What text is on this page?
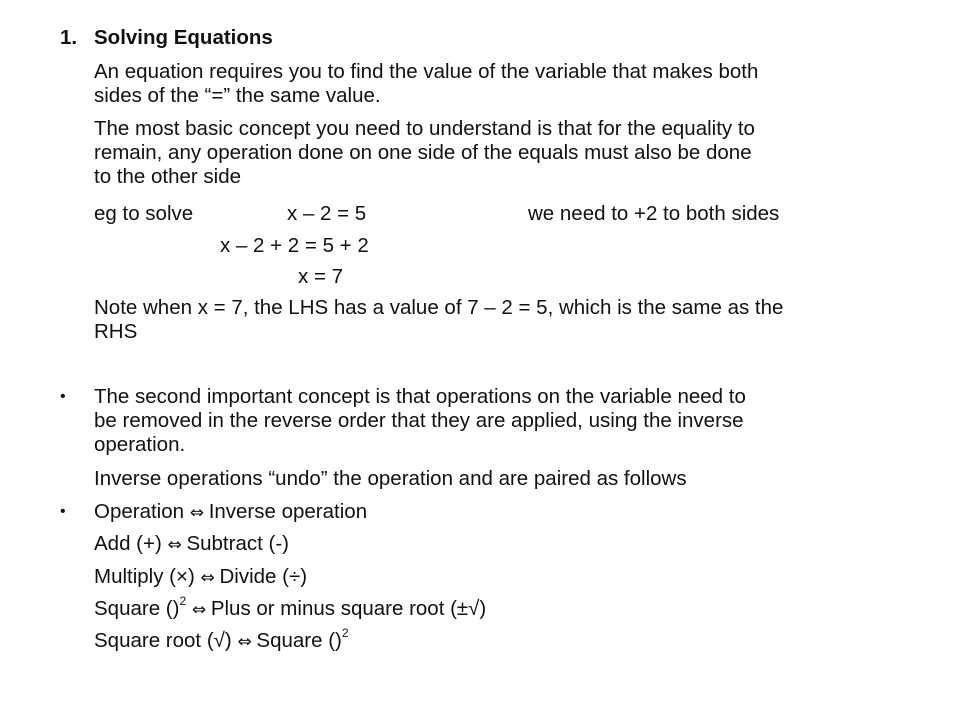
1. Solving Equations
An equation requires you to find the value of the variable that makes both
sides of the “=” the same value.
The most basic concept you need to understand is that for the equality to
remain, any operation done on one side of the equals must also be done
to the other side
eg to solve	x – 2 = 5	we need to +2 to both sides
x – 2 + 2 = 5 + 2
x = 7
Note when x = 7, the LHS has a value of 7 – 2 = 5, which is the same as the
RHS
• The second important concept is that operations on the variable need to
be removed in the reverse order that they are applied, using the inverse
operation.
Inverse operations “undo” the operation and are paired as follows
• Operation ⇔ Inverse operation
Add (+) ⇔ Subtract (-)
Multiply (×) ⇔ Divide (÷)
Square ()$^2$ ⇔ Plus or minus square root (±√)
Square root (√) ⇔ Square ()$^2$
